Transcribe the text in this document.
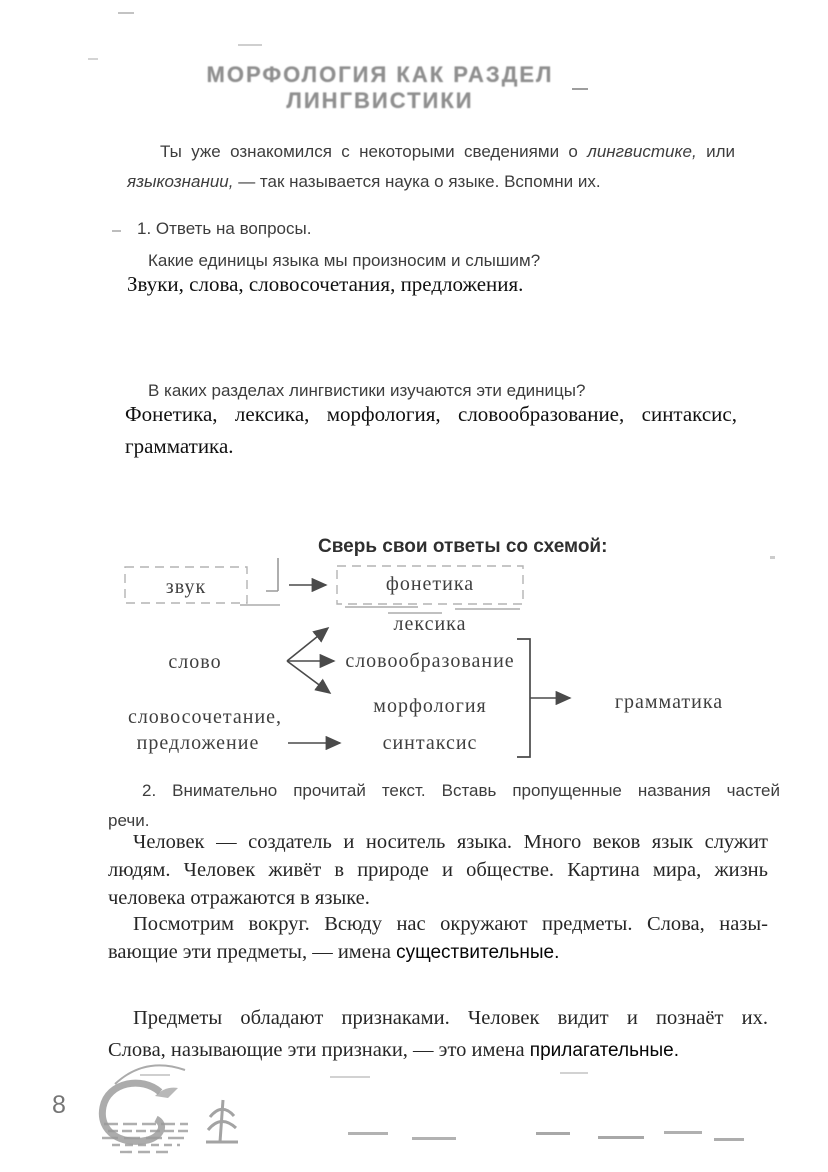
МОРФОЛОГИЯ КАК РАЗДЕЛ ЛИНГВИСТИКИ
Ты уже ознакомился с некоторыми сведениями о лингвистике, или
языкознании, — так называется наука о языке. Вспомни их.
1. Ответь на вопросы.
Какие единицы языка мы произносим и слышим?
Звуки, слова, словосочетания, предложения.
В каких разделах лингвистики изучаются эти единицы?
Фонетика, лексика, морфология, словообразование, синтаксис,
грамматика.
Сверь свои ответы со схемой:
звук	фонетика
лексика
слово	словообразование
морфология
словосочетание,
предложение	синтаксис
грамматика
2. Внимательно прочитай текст. Вставь пропущенные названия частей
речи.
Человек — создатель и носитель языка. Много веков язык служит
людям. Человек живёт в природе и обществе. Картина мира, жизнь
человека отражаются в языке.
Посмотрим вокруг. Всюду нас окружают предметы. Слова, назы-
вающие эти предметы, — имена существительные.
Предметы обладают признаками. Человек видит и познаёт их.
Слова, называющие эти признаки, — это имена прилагательные.
8
